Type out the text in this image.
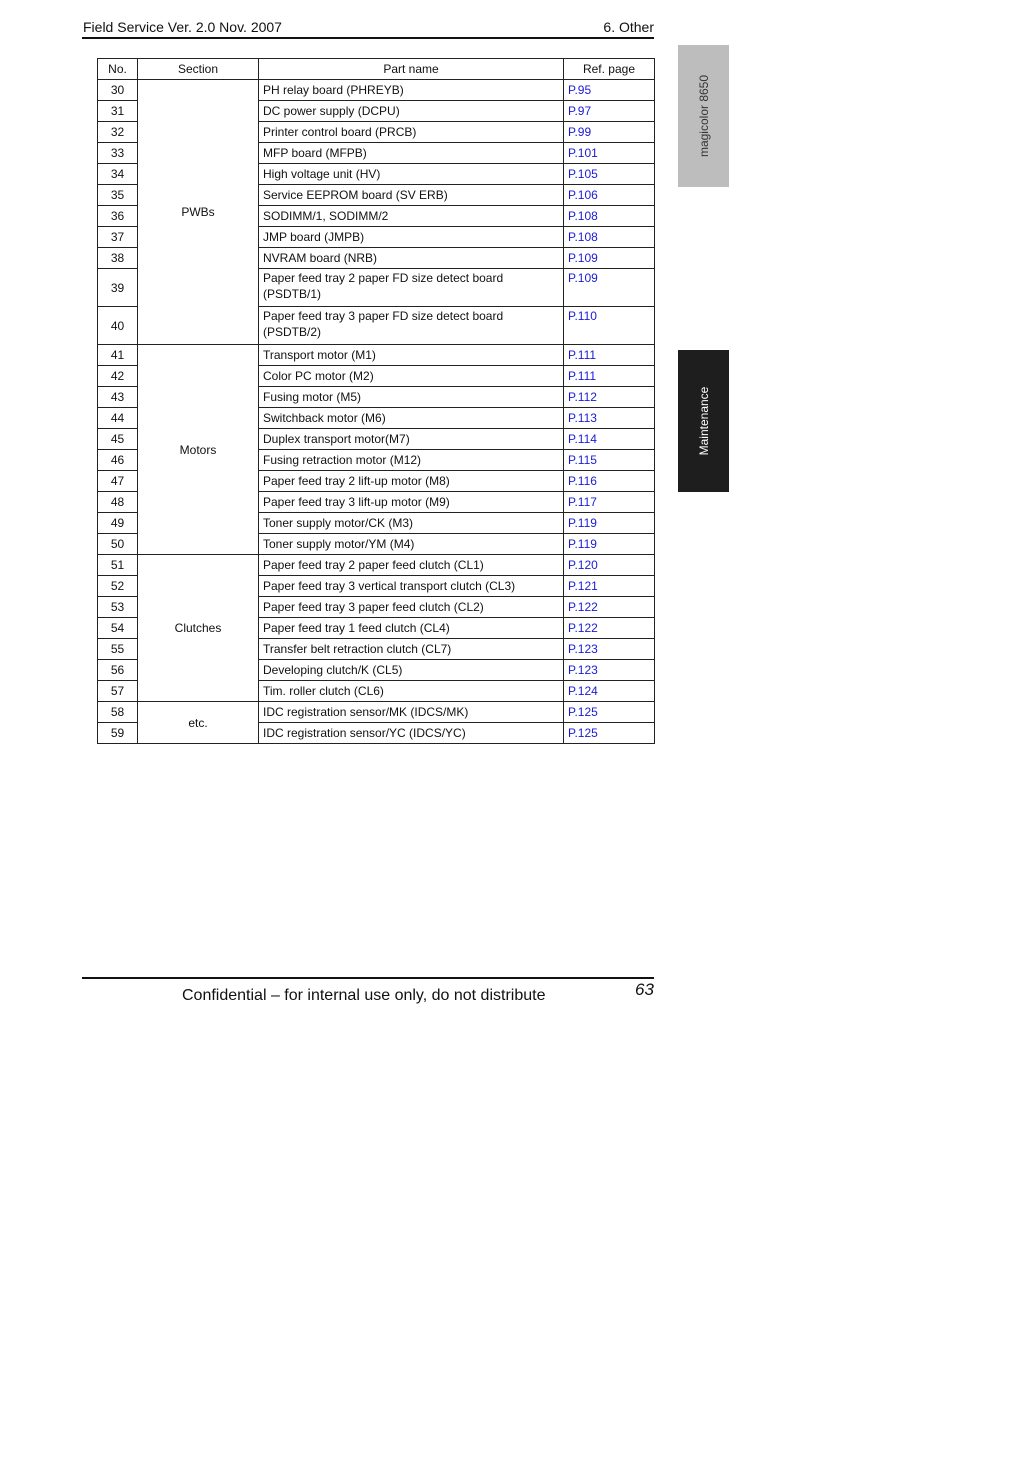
Field Service Ver. 2.0 Nov. 2007	6. Other
No.	Section	Part name	Ref. page
30	PWBs	PH relay board (PHREYB)	P.95
31		DC power supply (DCPU)	P.97
32		Printer control board (PRCB)	P.99
33		MFP board (MFPB)	P.101
34		High voltage unit (HV)	P.105
35		Service EEPROM board (SV ERB)	P.106
36		SODIMM/1, SODIMM/2	P.108
37		JMP board (JMPB)	P.108
38		NVRAM board (NRB)	P.109
39		Paper feed tray 2 paper FD size detect board (PSDTB/1)	P.109
40		Paper feed tray 3 paper FD size detect board (PSDTB/2)	P.110
41	Motors	Transport motor (M1)	P.111
42		Color PC motor (M2)	P.111
43		Fusing motor (M5)	P.112
44		Switchback motor (M6)	P.113
45		Duplex transport motor(M7)	P.114
46		Fusing retraction motor (M12)	P.115
47		Paper feed tray 2 lift-up motor (M8)	P.116
48		Paper feed tray 3 lift-up motor (M9)	P.117
49		Toner supply motor/CK (M3)	P.119
50		Toner supply motor/YM (M4)	P.119
51	Clutches	Paper feed tray 2 paper feed clutch (CL1)	P.120
52		Paper feed tray 3 vertical transport clutch (CL3)	P.121
53		Paper feed tray 3 paper feed clutch (CL2)	P.122
54		Paper feed tray 1 feed clutch (CL4)	P.122
55		Transfer belt retraction clutch (CL7)	P.123
56		Developing clutch/K (CL5)	P.123
57		Tim. roller clutch (CL6)	P.124
58	etc.	IDC registration sensor/MK (IDCS/MK)	P.125
59		IDC registration sensor/YC (IDCS/YC)	P.125
magicolor 8650
Maintenance
Confidential – for internal use only, do not distribute	63
